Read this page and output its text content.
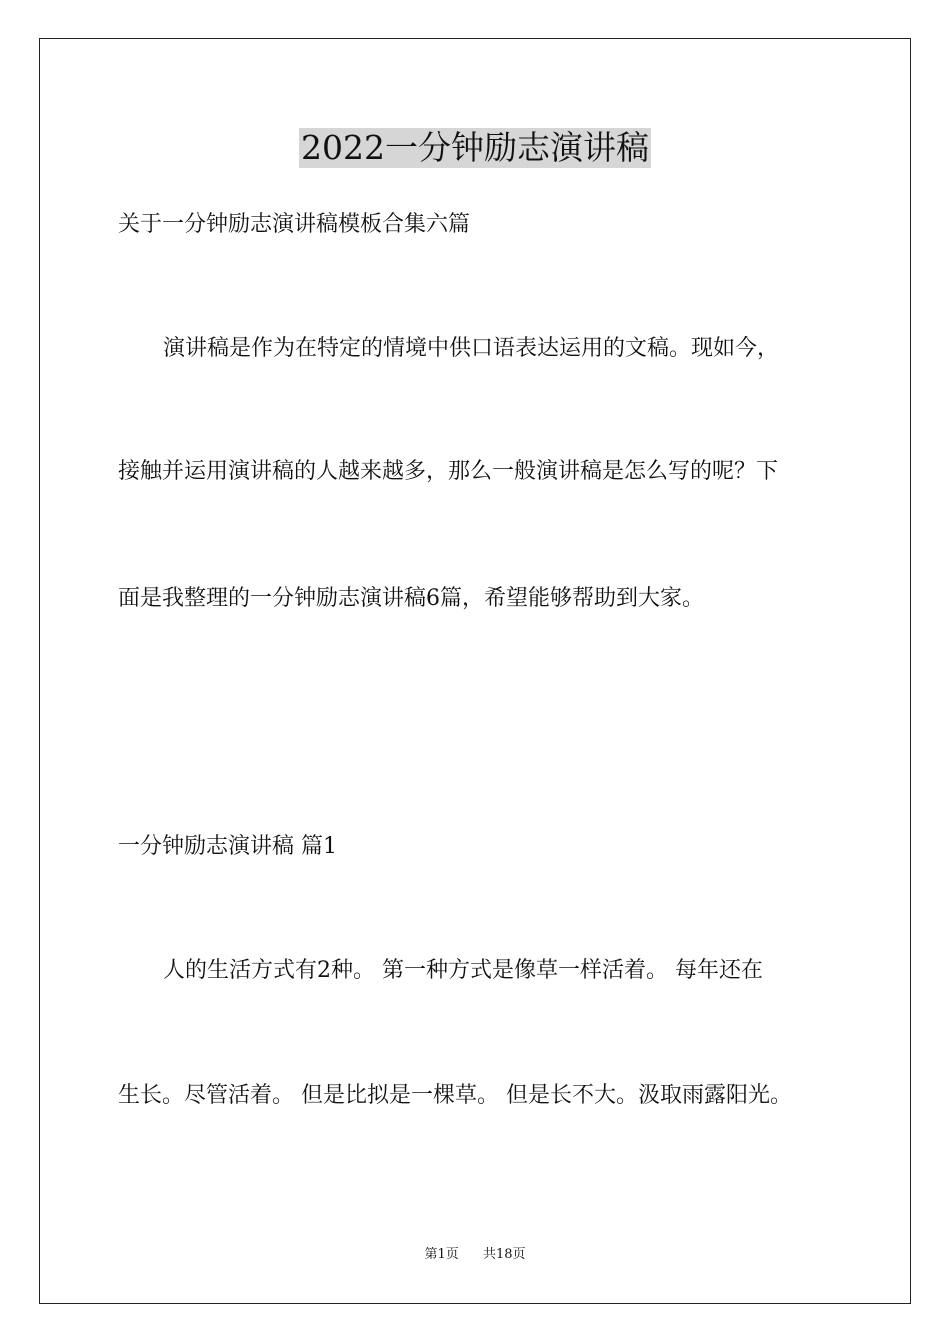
2022一分钟励志演讲稿
关于一分钟励志演讲稿模板合集六篇
演讲稿是作为在特定的情境中供口语表达运用的文稿。现如今，
接触并运用演讲稿的人越来越多，那么一般演讲稿是怎么写的呢？下
面是我整理的一分钟励志演讲稿6篇，希望能够帮助到大家。
一分钟励志演讲稿 篇1
人的生活方式有2种。 第一种方式是像草一样活着。 每年还在
生长。尽管活着。 但是比拟是一棵草。 但是长不大。汲取雨露阳光。
第1页 共18页
